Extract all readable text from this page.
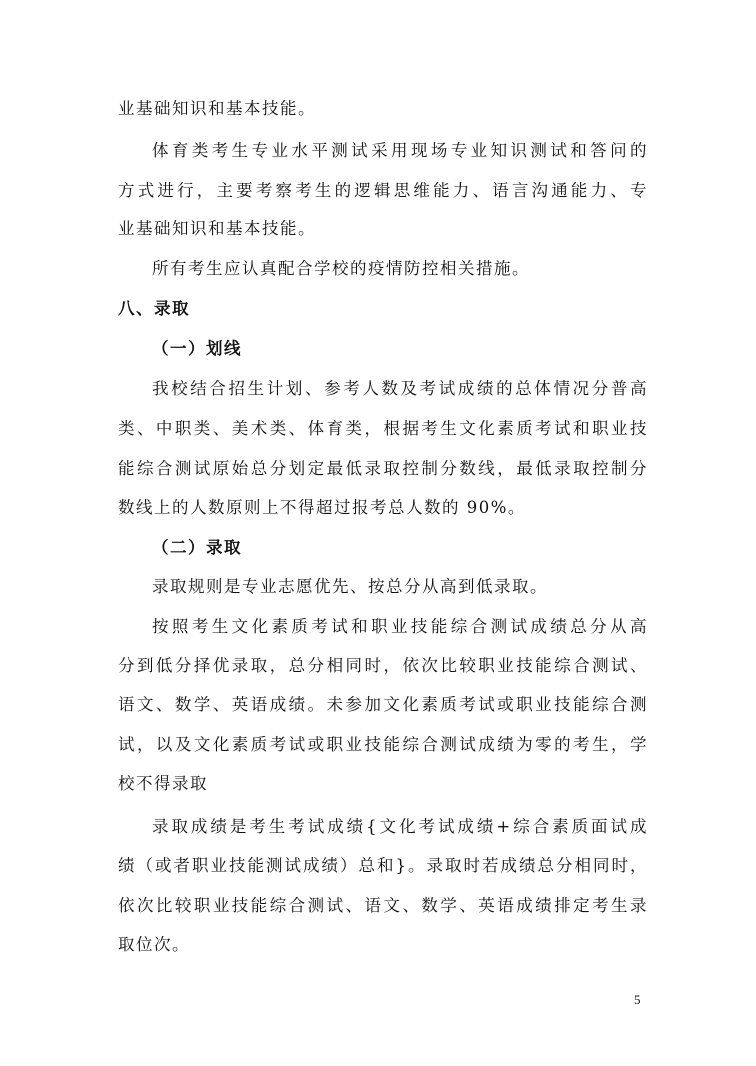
业基础知识和基本技能。
体育类考生专业水平测试采用现场专业知识测试和答问的
方式进行，主要考察考生的逻辑思维能力、语言沟通能力、专
业基础知识和基本技能。
所有考生应认真配合学校的疫情防控相关措施。
八、录取
（一）划线
我校结合招生计划、参考人数及考试成绩的总体情况分普高
类、中职类、美术类、体育类，根据考生文化素质考试和职业技
能综合测试原始总分划定最低录取控制分数线，最低录取控制分
数线上的人数原则上不得超过报考总人数的 90%。
（二）录取
录取规则是专业志愿优先、按总分从高到低录取。
按照考生文化素质考试和职业技能综合测试成绩总分从高
分到低分择优录取，总分相同时，依次比较职业技能综合测试、
语文、数学、英语成绩。未参加文化素质考试或职业技能综合测
试，以及文化素质考试或职业技能综合测试成绩为零的考生，学
校不得录取
录取成绩是考生考试成绩{文化考试成绩+综合素质面试成
绩（或者职业技能测试成绩）总和}。录取时若成绩总分相同时，
依次比较职业技能综合测试、语文、数学、英语成绩排定考生录
取位次。
5
